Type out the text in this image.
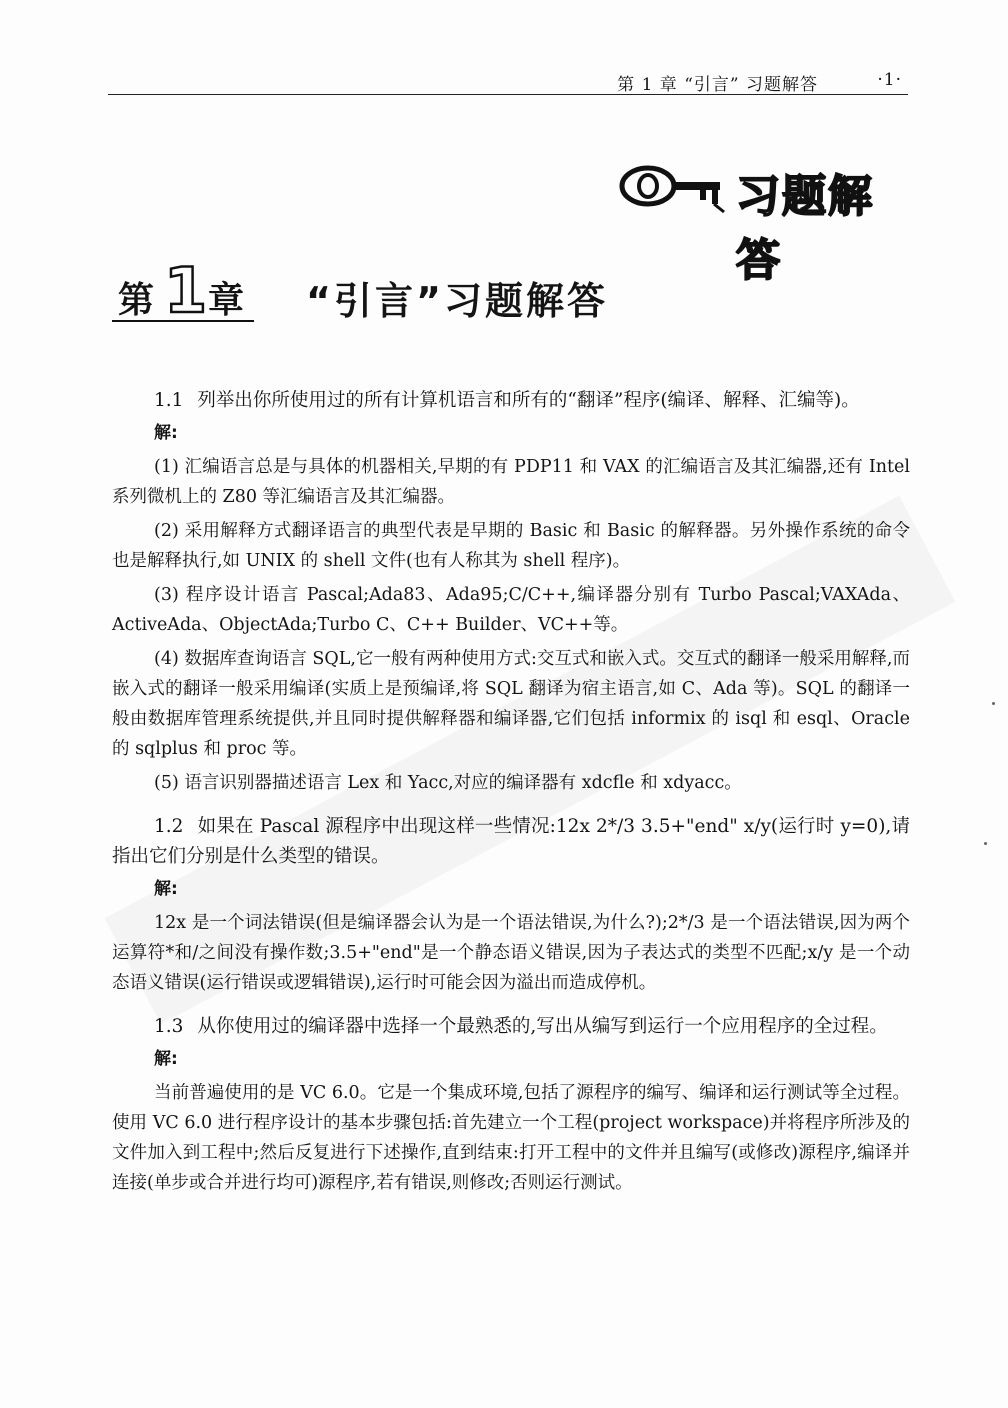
第 1 章 “引言” 习题解答	·1·
习题解答
第 1 章 “引言”习题解答

1.1 列举出你所使用过的所有计算机语言和所有的“翻译”程序(编译、解释、汇编等)。

解:

(1) 汇编语言总是与具体的机器相关,早期的有 PDP11 和 VAX 的汇编语言及其汇编器,还有 Intel 系列微机上的 Z80 等汇编语言及其汇编器。

(2) 采用解释方式翻译语言的典型代表是早期的 Basic 和 Basic 的解释器。另外操作系统的命令也是解释执行,如 UNIX 的 shell 文件(也有人称其为 shell 程序)。

(3) 程序设计语言 Pascal;Ada83、Ada95;C/C++,编译器分别有 Turbo Pascal;VAXAda、ActiveAda、ObjectAda;Turbo C、C++ Builder、VC++等。

(4) 数据库查询语言 SQL,它一般有两种使用方式:交互式和嵌入式。交互式的翻译一般采用解释,而嵌入式的翻译一般采用编译(实质上是预编译,将 SQL 翻译为宿主语言,如 C、Ada 等)。SQL 的翻译一般由数据库管理系统提供,并且同时提供解释器和编译器,它们包括 informix 的 isql 和 esql、Oracle 的 sqlplus 和 proc 等。

(5) 语言识别器描述语言 Lex 和 Yacc,对应的编译器有 xdcfle 和 xdyacc。

1.2 如果在 Pascal 源程序中出现这样一些情况:12x 2*/3 3.5+"end" x/y(运行时 y=0),请指出它们分别是什么类型的错误。

解:

12x 是一个词法错误(但是编译器会认为是一个语法错误,为什么?);2*/3 是一个语法错误,因为两个运算符*和/之间没有操作数;3.5+"end"是一个静态语义错误,因为子表达式的类型不匹配;x/y 是一个动态语义错误(运行错误或逻辑错误),运行时可能会因为溢出而造成停机。

1.3 从你使用过的编译器中选择一个最熟悉的,写出从编写到运行一个应用程序的全过程。

解:

当前普遍使用的是 VC 6.0。它是一个集成环境,包括了源程序的编写、编译和运行测试等全过程。使用 VC 6.0 进行程序设计的基本步骤包括:首先建立一个工程(project workspace)并将程序所涉及的文件加入到工程中;然后反复进行下述操作,直到结束:打开工程中的文件并且编写(或修改)源程序,编译并连接(单步或合并进行均可)源程序,若有错误,则修改;否则运行测试。
